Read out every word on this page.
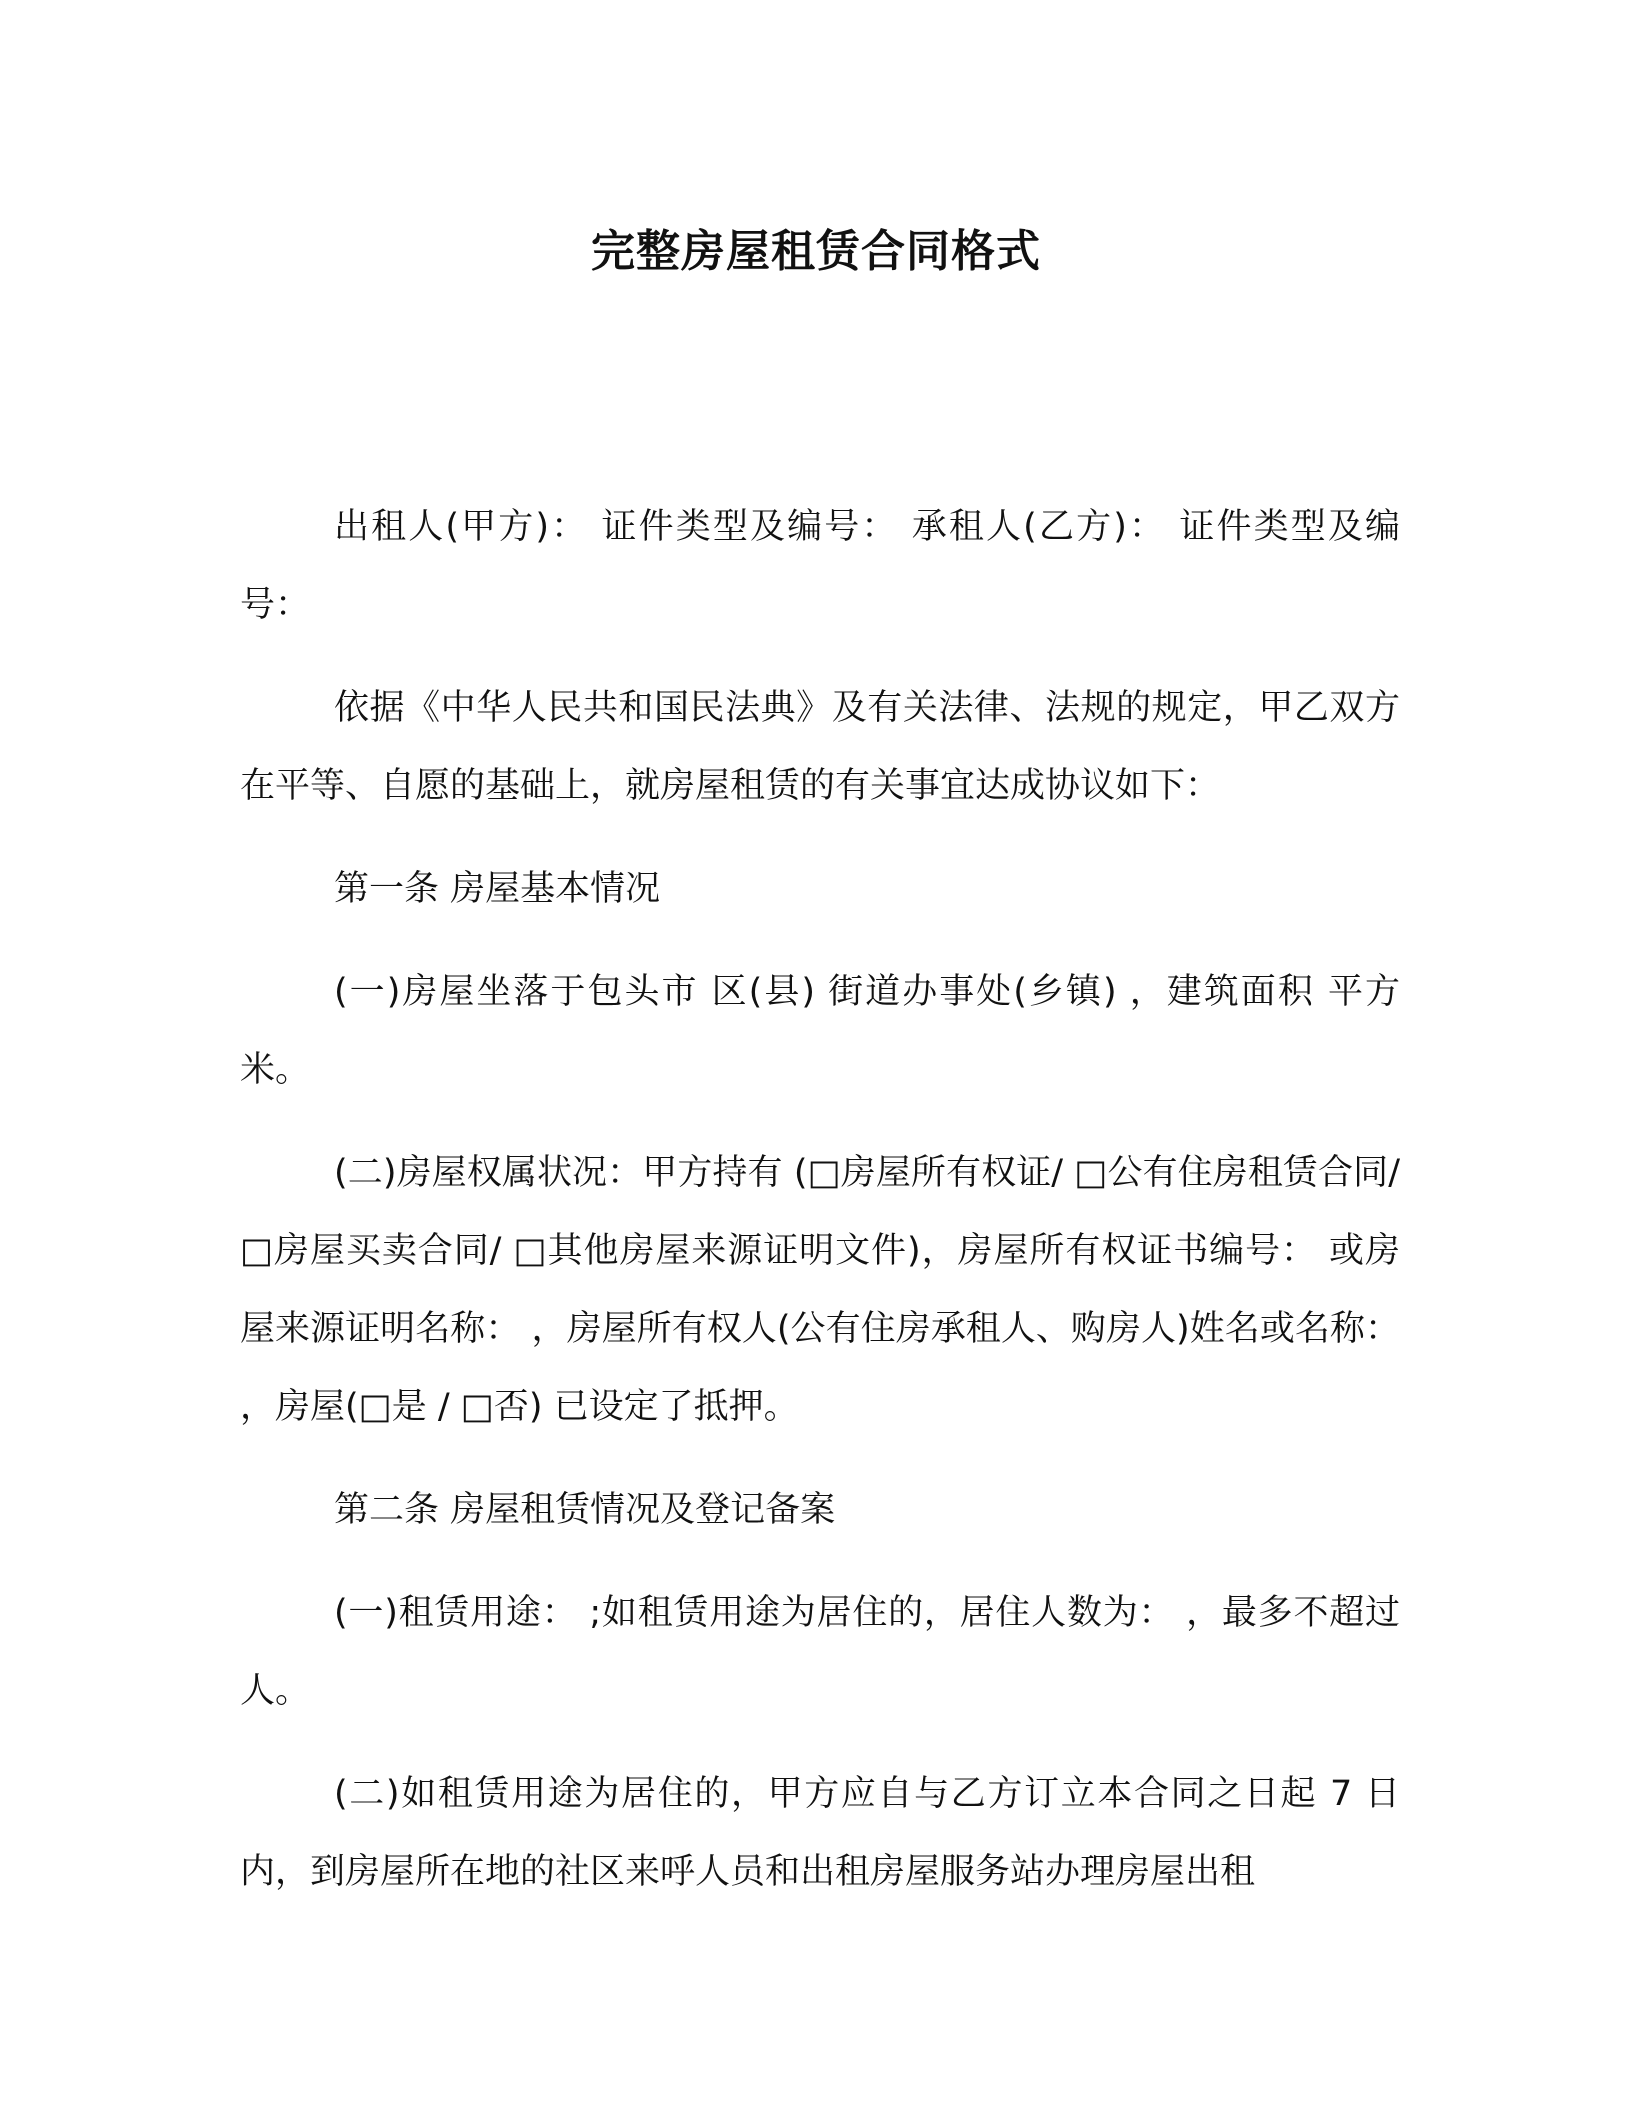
完整房屋租赁合同格式

出租人(甲方)： 证件类型及编号： 承租人(乙方)： 证件类型及编号：

依据《中华人民共和国民法典》及有关法律、法规的规定，甲乙双方在平等、自愿的基础上，就房屋租赁的有关事宜达成协议如下：

第一条 房屋基本情况

(一)房屋坐落于包头市 区(县) 街道办事处(乡镇) ，建筑面积 平方米。

(二)房屋权属状况：甲方持有 (□房屋所有权证/ □公有住房租赁合同/ □房屋买卖合同/ □其他房屋来源证明文件)，房屋所有权证书编号： 或房屋来源证明名称： ，房屋所有权人(公有住房承租人、购房人)姓名或名称： ，房屋(□是 / □否) 已设定了抵押。

第二条 房屋租赁情况及登记备案

(一)租赁用途： ;如租赁用途为居住的，居住人数为： ，最多不超过 人。

(二)如租赁用途为居住的，甲方应自与乙方订立本合同之日起 7 日内，到房屋所在地的社区来呼人员和出租房屋服务站办理房屋出租
